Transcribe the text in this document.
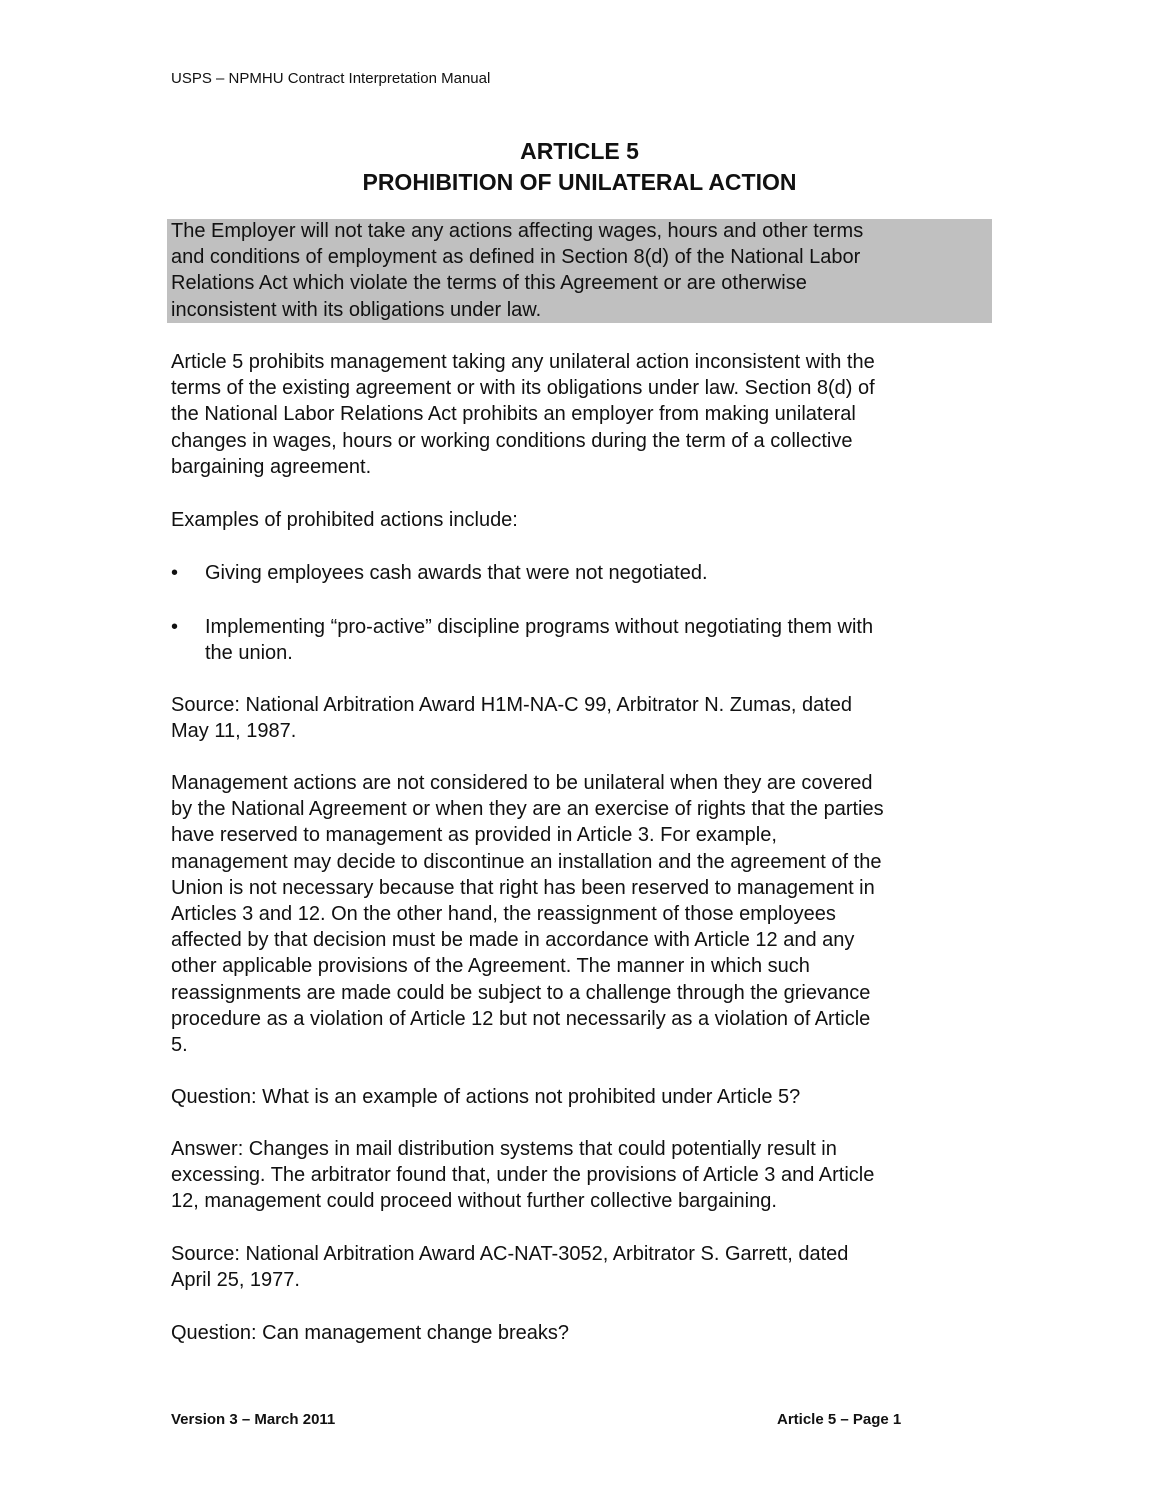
USPS – NPMHU Contract Interpretation Manual
ARTICLE 5
PROHIBITION OF UNILATERAL ACTION
The Employer will not take any actions affecting wages, hours and other terms
and conditions of employment as defined in Section 8(d) of the National Labor
Relations Act which violate the terms of this Agreement or are otherwise
inconsistent with its obligations under law.
Article 5 prohibits management taking any unilateral action inconsistent with the
terms of the existing agreement or with its obligations under law. Section 8(d) of
the National Labor Relations Act prohibits an employer from making unilateral
changes in wages, hours or working conditions during the term of a collective
bargaining agreement.
Examples of prohibited actions include:
• Giving employees cash awards that were not negotiated.
• Implementing “pro-active” discipline programs without negotiating them with
the union.
Source: National Arbitration Award H1M-NA-C 99, Arbitrator N. Zumas, dated
May 11, 1987.
Management actions are not considered to be unilateral when they are covered
by the National Agreement or when they are an exercise of rights that the parties
have reserved to management as provided in Article 3. For example,
management may decide to discontinue an installation and the agreement of the
Union is not necessary because that right has been reserved to management in
Articles 3 and 12. On the other hand, the reassignment of those employees
affected by that decision must be made in accordance with Article 12 and any
other applicable provisions of the Agreement. The manner in which such
reassignments are made could be subject to a challenge through the grievance
procedure as a violation of Article 12 but not necessarily as a violation of Article
5.
Question: What is an example of actions not prohibited under Article 5?
Answer: Changes in mail distribution systems that could potentially result in
excessing. The arbitrator found that, under the provisions of Article 3 and Article
12, management could proceed without further collective bargaining.
Source: National Arbitration Award AC-NAT-3052, Arbitrator S. Garrett, dated
April 25, 1977.
Question: Can management change breaks?
Version 3 – March 2011	Article 5 – Page 1
